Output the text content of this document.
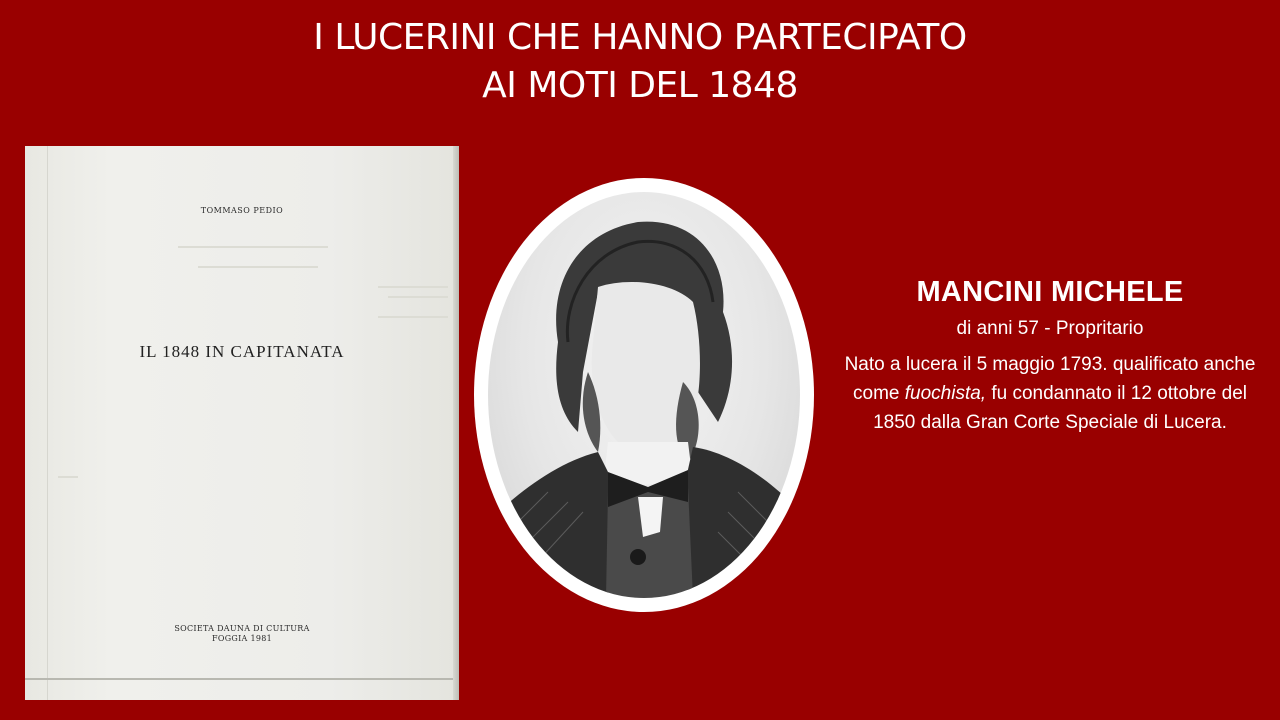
I LUCERINI CHE HANNO PARTECIPATO
AI MOTI DEL 1848
TOMMASO PEDIO
IL 1848 IN CAPITANATA
SOCIETA DAUNA DI CULTURA
FOGGIA 1981
MANCINI MICHELE
di anni 57 - Propritario
Nato a lucera il 5 maggio 1793. qualificato anche come fuochista, fu condannato il 12 ottobre del 1850 dalla Gran Corte Speciale di Lucera.
